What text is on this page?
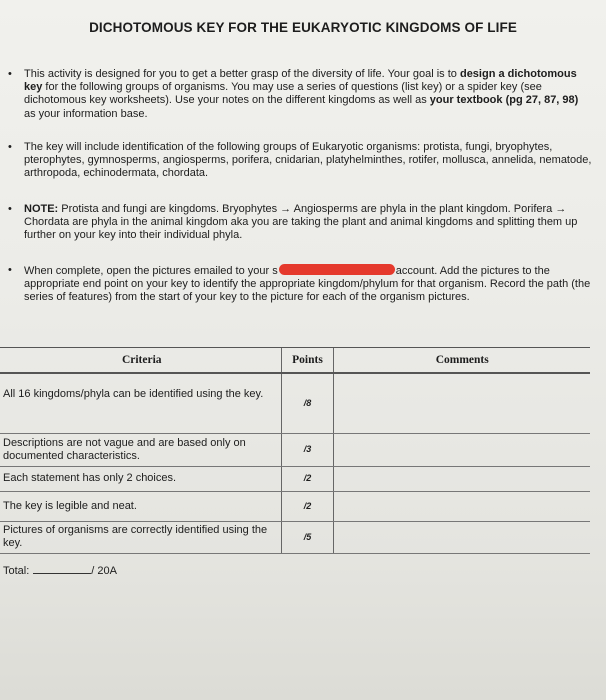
DICHOTOMOUS KEY FOR THE EUKARYOTIC KINGDOMS OF LIFE
• This activity is designed for you to get a better grasp of the diversity of life. Your goal is to design a dichotomous key for the following groups of organisms. You may use a series of questions (list key) or a spider key (see dichotomous key worksheets). Use your notes on the different kingdoms as well as your textbook (pg 27, 87, 98) as your information base.
• The key will include identification of the following groups of Eukaryotic organisms: protista, fungi, bryophytes, pterophytes, gymnosperms, angiosperms, porifera, cnidarian, platyhelminthes, rotifer, mollusca, annelida, nematode, arthropoda, echinodermata, chordata.
• NOTE: Protista and fungi are kingdoms. Bryophytes → Angiosperms are phyla in the plant kingdom. Porifera → Chordata are phyla in the animal kingdom aka you are taking the plant and animal kingdoms and splitting them up further on your key into their individual phyla.
• When complete, open the pictures emailed to your s	account. Add the pictures to the appropriate end point on your key to identify the appropriate kingdom/phylum for that organism. Record the path (the series of features) from the start of your key to the picture for each of the organism pictures.
Criteria	Points	Comments
All 16 kingdoms/phyla can be identified using the key.	/8	
Descriptions are not vague and are based only on documented characteristics.	/3	
Each statement has only 2 choices.	/2	
The key is legible and neat.	/2	
Pictures of organisms are correctly identified using the key.	/5	
Total:	/ 20A
